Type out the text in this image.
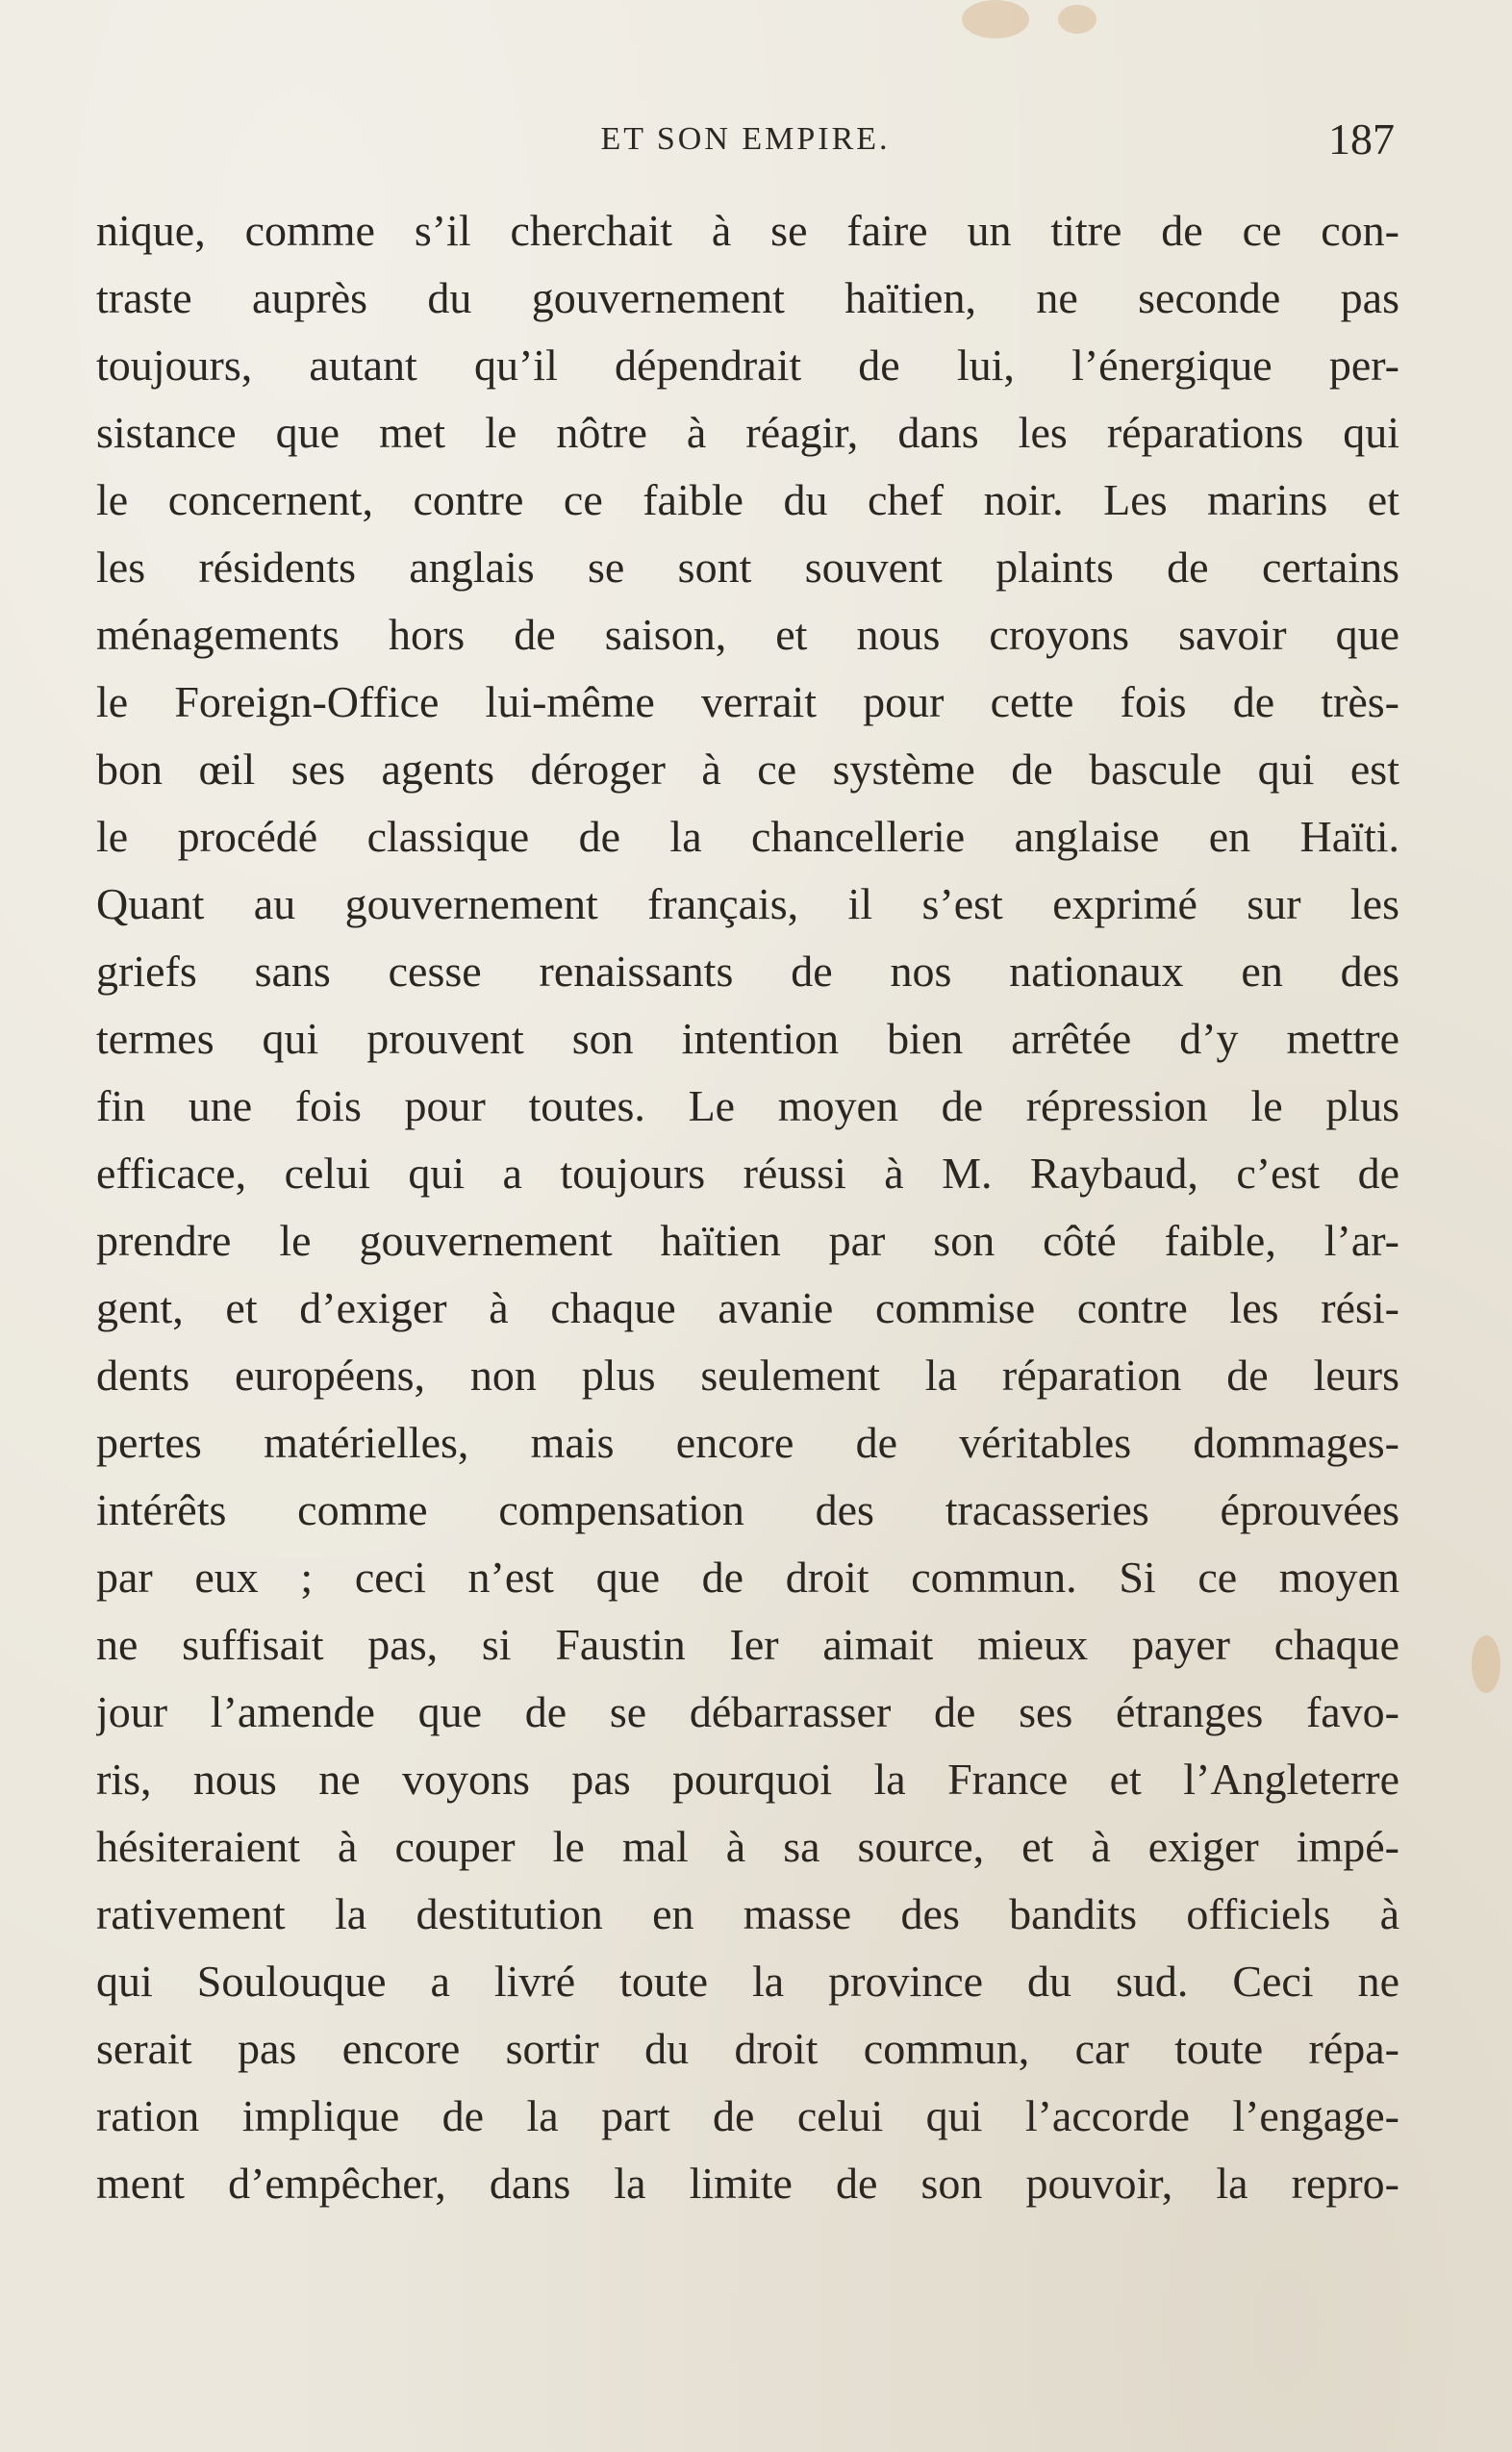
ET SON EMPIRE.	187
nique, comme s’il cherchait à se faire un titre de ce con-
traste auprès du gouvernement haïtien, ne seconde pas
toujours, autant qu’il dépendrait de lui, l’énergique per-
sistance que met le nôtre à réagir, dans les réparations qui
le concernent, contre ce faible du chef noir. Les marins et
les résidents anglais se sont souvent plaints de certains
ménagements hors de saison, et nous croyons savoir que
le Foreign-Office lui-même verrait pour cette fois de très-
bon œil ses agents déroger à ce système de bascule qui est
le procédé classique de la chancellerie anglaise en Haïti.
Quant au gouvernement français, il s’est exprimé sur les
griefs sans cesse renaissants de nos nationaux en des
termes qui prouvent son intention bien arrêtée d’y mettre
fin une fois pour toutes. Le moyen de répression le plus
efficace, celui qui a toujours réussi à M. Raybaud, c’est de
prendre le gouvernement haïtien par son côté faible, l’ar-
gent, et d’exiger à chaque avanie commise contre les rési-
dents européens, non plus seulement la réparation de leurs
pertes matérielles, mais encore de véritables dommages-
intérêts comme compensation des tracasseries éprouvées
par eux ; ceci n’est que de droit commun. Si ce moyen
ne suffisait pas, si Faustin Ier aimait mieux payer chaque
jour l’amende que de se débarrasser de ses étranges favo-
ris, nous ne voyons pas pourquoi la France et l’Angleterre
hésiteraient à couper le mal à sa source, et à exiger impé-
rativement la destitution en masse des bandits officiels à
qui Soulouque a livré toute la province du sud. Ceci ne
serait pas encore sortir du droit commun, car toute répa-
ration implique de la part de celui qui l’accorde l’engage-
ment d’empêcher, dans la limite de son pouvoir, la repro-
